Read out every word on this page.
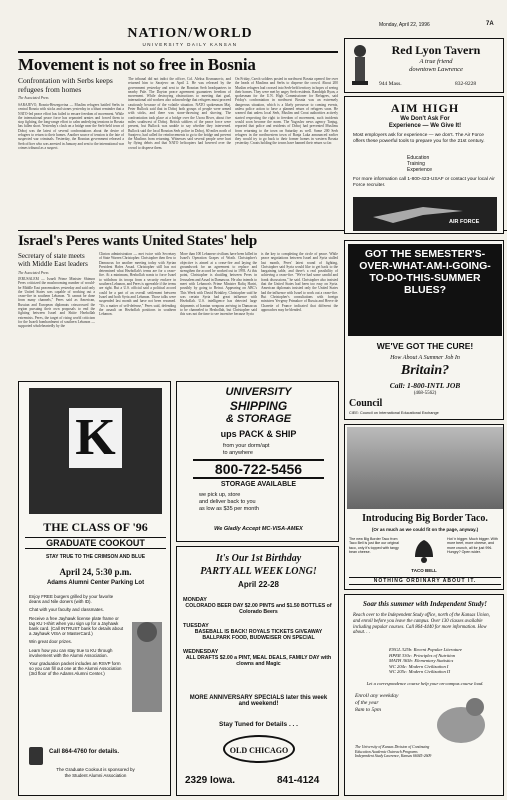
Monday, April 22, 1996	7A
NATION/WORLD
UNIVERSITY DAILY KANSAN
Movement is not so free in Bosnia
Confrontation with Serbs keeps refugees from homes
The Associated Press
SARAJEVO, Bosnia-Herzegovina — Muslim refugees battled Serbs in central Bosnia with sticks and stones yesterday in a blunt reminder that a NATO-led peace effort has failed to ensure freedom of movement. While the international peace force has separated armies and forced them to stop fighting, the long-range effort to calm underlying tensions in Bosnia has fallen short. Yesterday's clash on a bridge near the Serb-held town of Doboj was the latest of several confrontations about the desire of refugees to return to their homes. Another source of tension is the fate of suspected war criminals. Yesterday, the Bosnian government released a Serb officer who was arrested in January and sent to the international war crimes tribunal as a suspect.
The tribunal did not indict the officer, Col. Aleksa Krsmanovic, and returned him to Sarajevo on April 2. He was released by the government yesterday and sent to the Bosnian Serb headquarters in nearby Pale. The Dayton peace agreement guarantees freedom of movement. While destroying obstructions to meeting that goal, international aid workers also acknowledge that refugees must proceed cautiously because of the volatile situation. NATO spokesman Maj. Peter Bullock said that in Doboj both groups of people were armed with sticks, and there was stone-throwing and shoving. The confrontation took place at a bridge over the Usora River, about five miles southwest of Doboj. British soldiers of the peace force were present, but Bullock was unable to say whether they intervened. Bullock said the local Bosnian Serb police in Doboj, 60 miles north of Sarajevo, had called for reinforcements to go to the bridge and prevent the Muslims from returning. Witnesses said several people were hurt by flying debris and that NATO helicopters had hovered over the crowd to disperse them.
On Friday, Czech soldiers posted in northwest Bosnia opened fire over the heads of Muslims and Serbs to disperse the crowd. About 200 Muslim refugees had crossed into Serb-held territory in hopes of seeing their homes. They were met by angry Serb residents. Randolph Ryan, a spokesman for the U.N. High Commissioner for Refugees, said Friday's confrontation in northwest Bosnia was an extremely dangerous situation, which is a likely precursor to coming events, unless police action to have a planned return of refugees soon. He warned that unless local Serb, Muslim and Croat authorities actively started respecting the right to freedom of movement, such incidents would soon become the norm. The Yugoslav news agency Tanjug, reported that police and residents of Doboj had prevented Muslims from returning to the town on Saturday as well. Some 200 Serb refugees in the northwestern town of Banja Luka announced earlier they would try to go back to their former homes in western Bosnia yesterday. Croats holding the towns have banned their return so far.
Israel's Peres wants United States' help
Secretary of state meets with Middle East leaders
The Associated Press
JERUSALEM — Israeli Prime Minister Shimon Peres criticized the mushrooming number of would-be Middle East peacemakers yesterday and said only the United States was capable of working out a cease-fire in southern Lebanon. "It cannot be done from many channels," Peres said as American, Russian and European diplomats crisscrossed the region pursuing their own proposals to end the fighting between Israel and Shiite Hezbollah extremists. Peres, the target of rising world criticism for the Israeli bombardment of southern Lebanon — supported wholeheartedly by the
Clinton administration — met twice with Secretary of State Warren Christopher. Christopher then flew to Damascus for another meeting today with Syrian President Hafez Assad. Christopher still has not determined what Hezbollah's terms are for a cease-fire. At a minimum, Hezbollah wants to force Israel to withdraw its troops from a security enclave in southern Lebanon, and Peres is agreeable if the terms are right. But a U.S. official said a political accord could be a part of an overall settlement between Israel and both Syria and Lebanon. Those talks were suspended last month and have not been resumed. "It's a matter of self-defense," Peres said, defending the assault on Hezbollah positions in southern Lebanon.
More than 100 Lebanese civilians have been killed in Israel's Operation Grapes of Wrath. Christopher's objective is aimed at a cease-fire and laying the groundwork for an agreement to replace and strengthen the accord he worked out in 1993. At this point, Christopher is shuttling between Peres in Jerusalem and Assad in Damascus. He also intends to meet with Lebanon's Prime Minister Rafiq Hariri, possibly by going to Beirut. Appearing on ABC's This Week with David Brinkley, Christopher said he was certain Syria had great influence with Hezbollah. U.S. intelligence has detected large shipments of Iranian weapons arriving in Damascus to be channeled to Hezbollah, but Christopher said this was not the time to see incentive because Syria
is the key to completing the circle of peace. While peace negotiations between Israel and Syria stalled last month, Peres' latest round of fighting, Christopher said Syria would like to get back to the bargaining table, and there's a real possibility of achieving a cease-fire. "We've had some candid and frank discussions," he said. Christopher also insisted that the United States had been too easy on Syria. American diplomats insisted only the United States had the influence with Israel to work out a cease-fire. But Christopher's consultations with foreign ministers Yevgeny Primakov of Russia and Herve de Charette of France indicated that different the approaches may be blended.
Red Lyon Tavern
A true friend
downtown Lawrence
944 Mass.	832-8228
AIM HIGH
We Don't Ask For
Experience — We Give It!
Most employers ask for experience — we don't. The Air Force offers these powerful tools to prepare you for the 21st century.
Education
Training
Experience
For more information call 1-800-423-USAF or contact your local Air Force recruiter.
AIR FORCE
GOT THE SEMESTER'S-OVER-WHAT-AM-I-GOING-TO-DO-THIS-SUMMER BLUES?
WE'VE GOT THE CURE!
How About A Summer Job In
Britain?
Call: 1-800-INTL JOB
(468-5562)
Council
CIEE: Council on International Educational Exchange
UNIVERSITY
SHIPPING
& STORAGE
ups PACK & SHIP
from your dorm/apt
to anywhere
800-722-5456
STORAGE AVAILABLE
we pick up, store
and deliver back to you
as low as $35 per month
We Gladly Accept MC-VISA-AMEX
K
THE CLASS OF '96
GRADUATE COOKOUT
STAY TRUE TO THE CRIMSON AND BLUE
April 24, 5:30 p.m.
Adams Alumni Center Parking Lot
Enjoy FREE burgers grilled by your favorite deans and Nile doners (with ID).
Chat with your faculty and classmates.
Receive a free Jayhawk license plate frame or tag KU t-shirt when you sign up for a Jayhawk bank card. (Call INTRUST bank for details about a Jayhawk VISA or MasterCard.)
Win great door prizes.
Learn how you can stay true to KU through involvement with the Alumni Association.
Your graduation packet includes an RSVP form so you can fill out one at the Alumni Association (3rd floor of the Adams Alumni Center.)
Call 864-4760 for details.
The Graduate Cookout is sponsored by
the Student Alumni Association
It's Our 1st Birthday
PARTY ALL WEEK LONG!
April 22-28
MONDAY
COLORADO BEER DAY $2.00 PINTS and $1.50 BOTTLES of Colorado Beers
TUESDAY
BASEBALL IS BACK! ROYALS TICKETS GIVEAWAY BALLPARK FOOD, BUDWEISER ON SPECIAL
WEDNESDAY
ALL DRAFTS $2.00 a PINT, MEAL DEALS, FAMILY DAY with clowns and Magic
MORE ANNIVERSARY SPECIALS later this week and weekend!
Stay Tuned for Details . . .
OLD CHICAGO
2329 Iowa.	841-4124
Introducing Big Border Taco.
(Or as much as we could fit on the page, anyway.)
The new Big Border Taco from Taco Bell is just like our original taco, only it's topped with tangy bean cheese.
TACO BELL
Hot 'n bigger. Much bigger. With more beef, more cheese, and more crunch, all for just 99¢. Hungry? Open wider.
NOTHING ORDINARY ABOUT IT.
Soar this summer with Independent Study!
Reach over to the Independent Study office, north of the Kansas Union, and enroll before you leave the campus. Over 130 classes available including popular courses. Call 864-4440 for more information. How about. . .
ENGL 325b: Recent Popular Literature
HPER 330c: Principles of Nutrition
MATH 365b: Elementary Statistics
WC 204c: Modern Civilization I
WC 205c: Modern Civilization II
Let a correspondence course help your on-campus course load.
Enroll any weekday
of the year
8am to 5pm
The University of Kansas Division of Continuing Education Academic Outreach Programs Independent Study Lawrence, Kansas 66045-2609
